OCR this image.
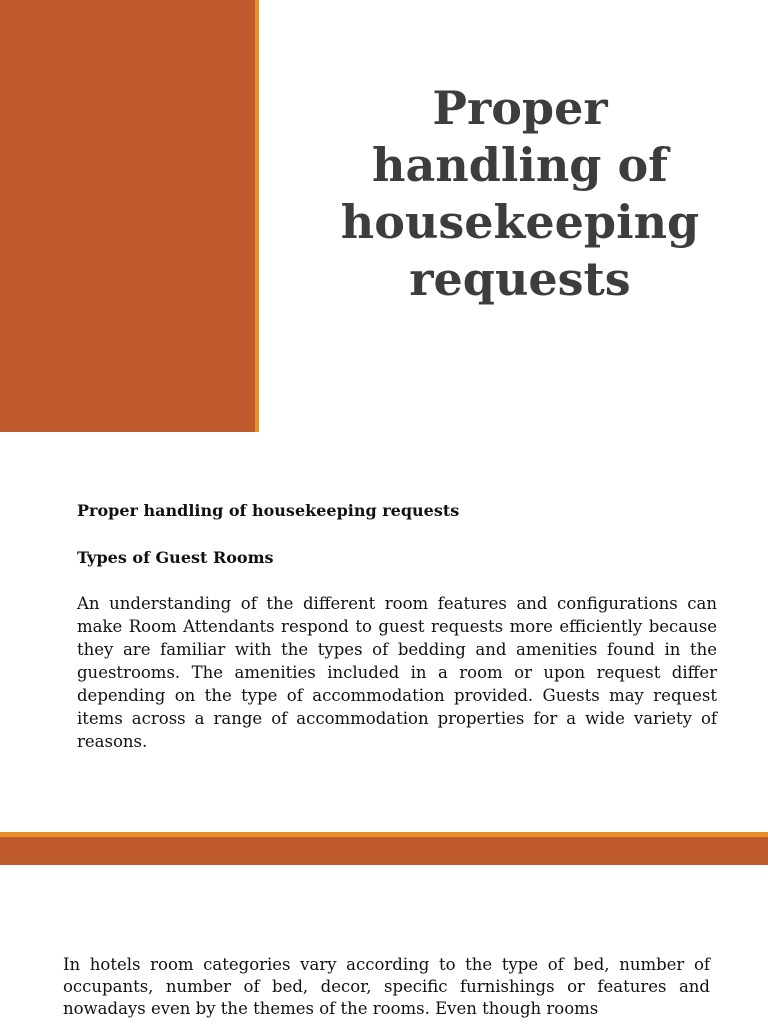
Proper
handling of
housekeeping
requests

Proper handling of housekeeping requests

Types of Guest Rooms

An understanding of the different room features and configurations can make Room Attendants respond to guest requests more efficiently because they are familiar with the types of bedding and amenities found in the guestrooms. The amenities included in a room or upon request differ depending on the type of accommodation provided. Guests may request items across a range of accommodation properties for a wide variety of reasons.

In hotels room categories vary according to the type of bed, number of occupants, number of bed, decor, specific furnishings or features and nowadays even by the themes of the rooms. Even though rooms
